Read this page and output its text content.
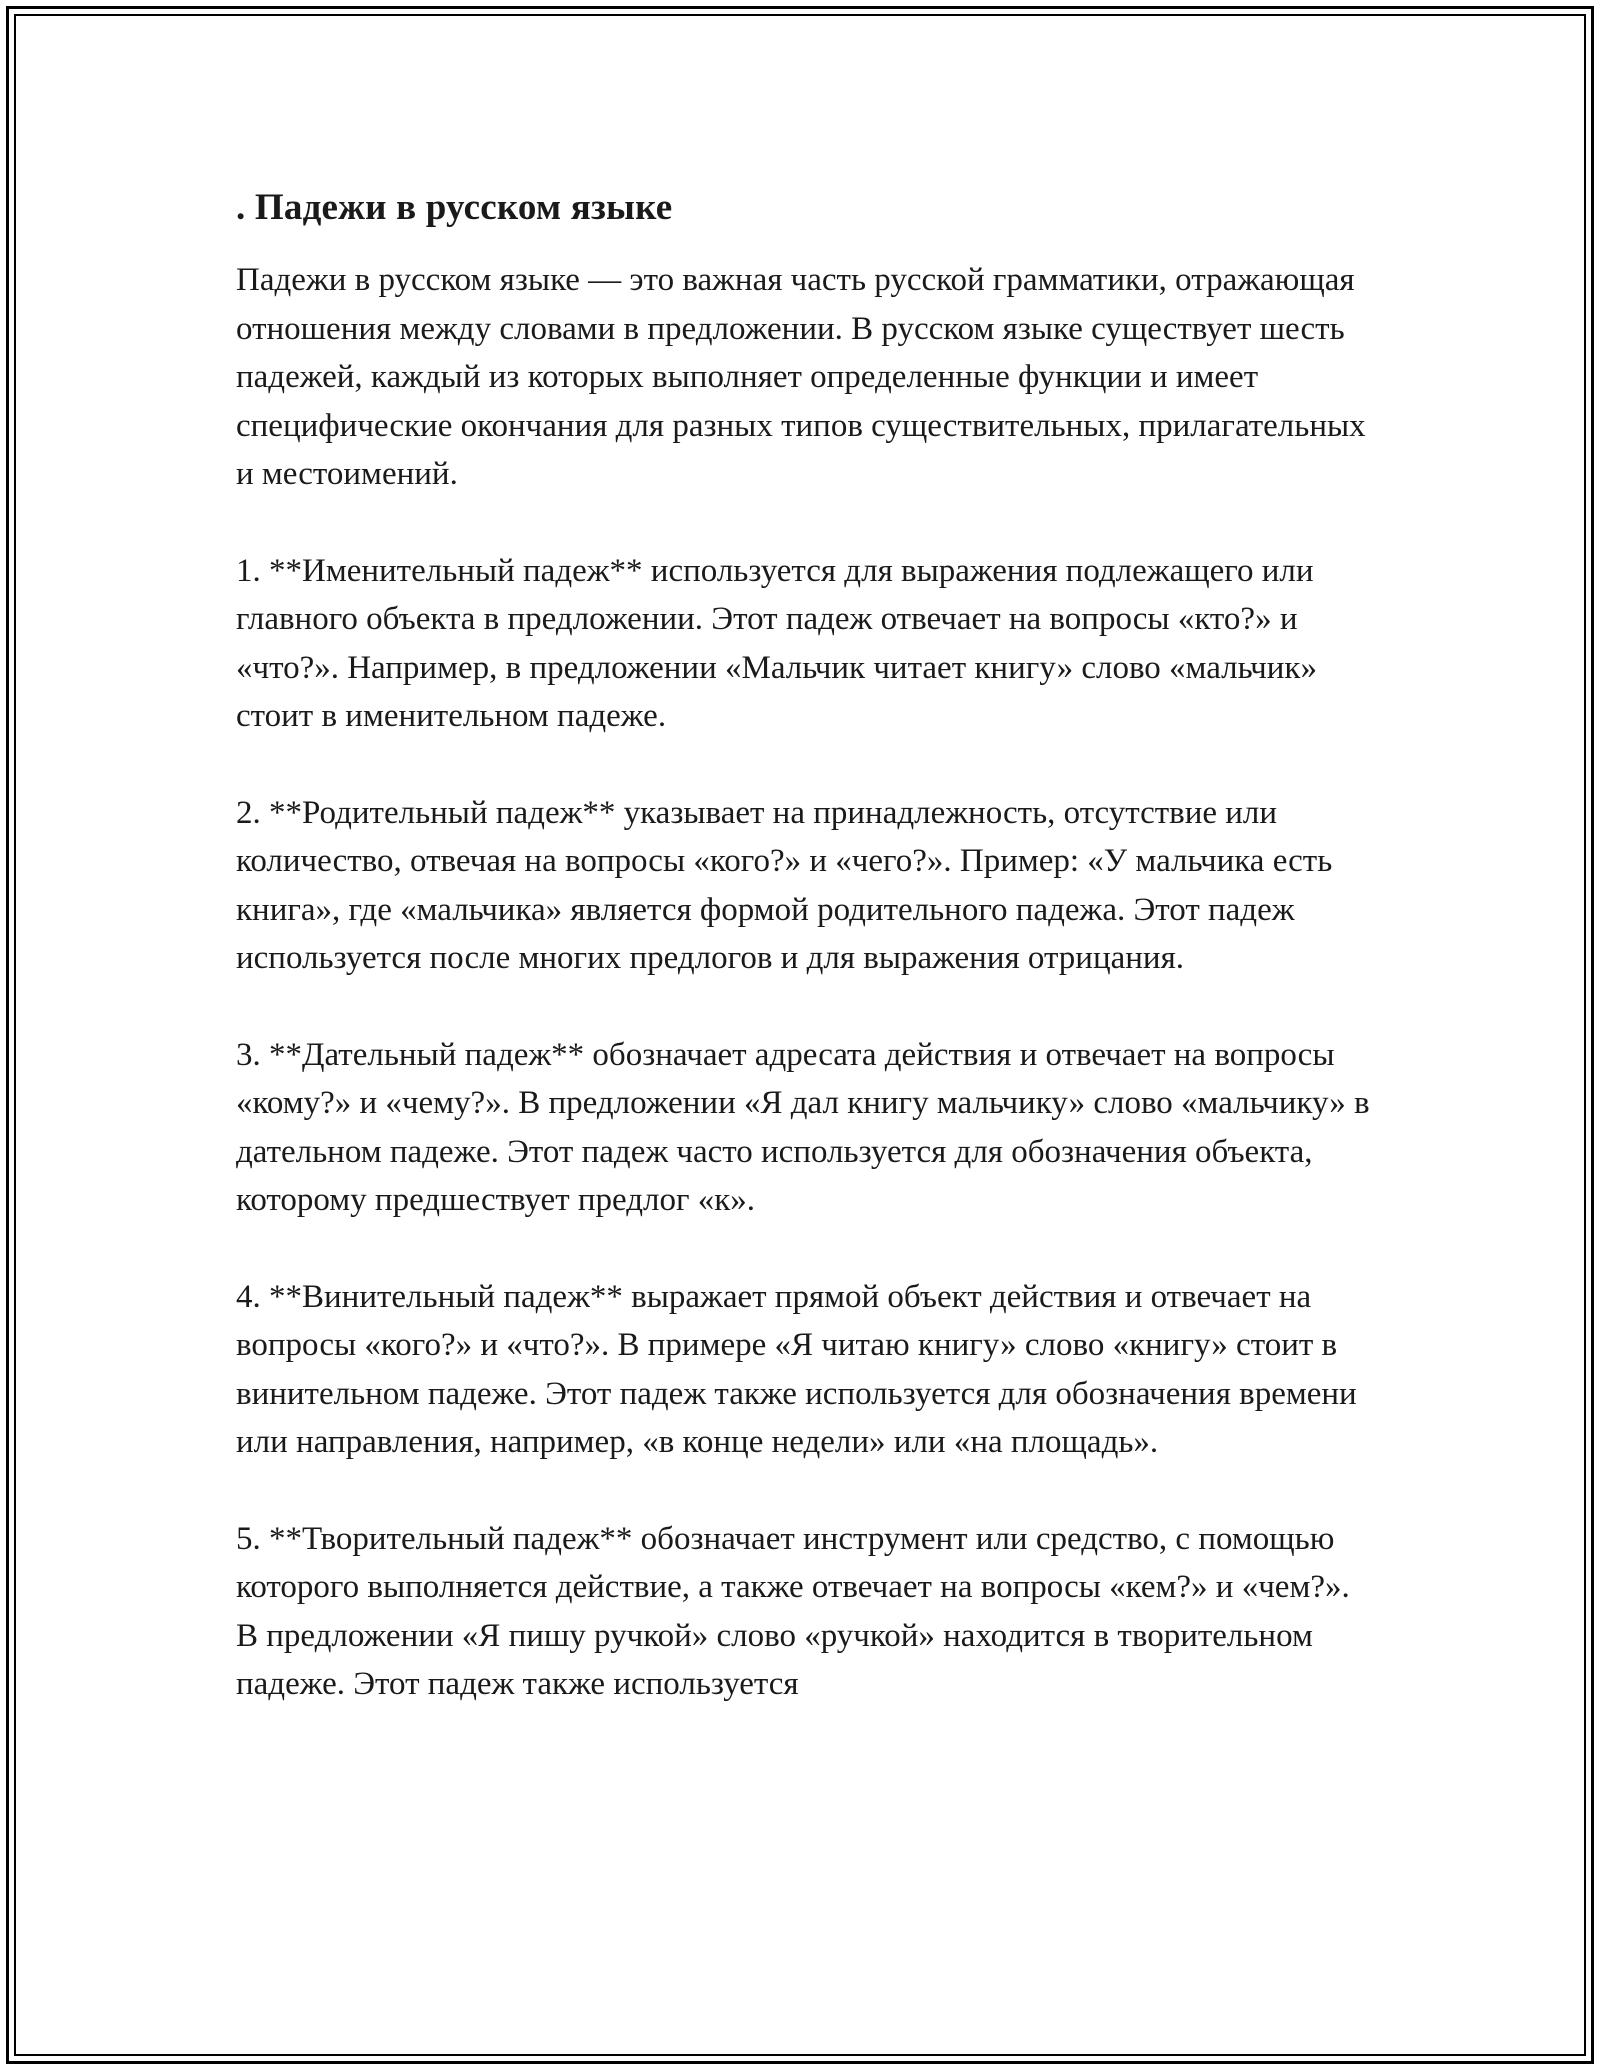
. Падежи в русском языке

Падежи в русском языке — это важная часть русской грамматики, отражающая отношения между словами в предложении. В русском языке существует шесть падежей, каждый из которых выполняет определенные функции и имеет специфические окончания для разных типов существительных, прилагательных и местоимений.

1. **Именительный падеж** используется для выражения подлежащего или главного объекта в предложении. Этот падеж отвечает на вопросы «кто?» и «что?». Например, в предложении «Мальчик читает книгу» слово «мальчик» стоит в именительном падеже.

2. **Родительный падеж** указывает на принадлежность, отсутствие или количество, отвечая на вопросы «кого?» и «чего?». Пример: «У мальчика есть книга», где «мальчика» является формой родительного падежа. Этот падеж используется после многих предлогов и для выражения отрицания.

3. **Дательный падеж** обозначает адресата действия и отвечает на вопросы «кому?» и «чему?». В предложении «Я дал книгу мальчику» слово «мальчику» в дательном падеже. Этот падеж часто используется для обозначения объекта, которому предшествует предлог «к».

4. **Винительный падеж** выражает прямой объект действия и отвечает на вопросы «кого?» и «что?». В примере «Я читаю книгу» слово «книгу» стоит в винительном падеже. Этот падеж также используется для обозначения времени или направления, например, «в конце недели» или «на площадь».

5. **Творительный падеж** обозначает инструмент или средство, с помощью которого выполняется действие, а также отвечает на вопросы «кем?» и «чем?». В предложении «Я пишу ручкой» слово «ручкой» находится в творительном падеже. Этот падеж также используется
